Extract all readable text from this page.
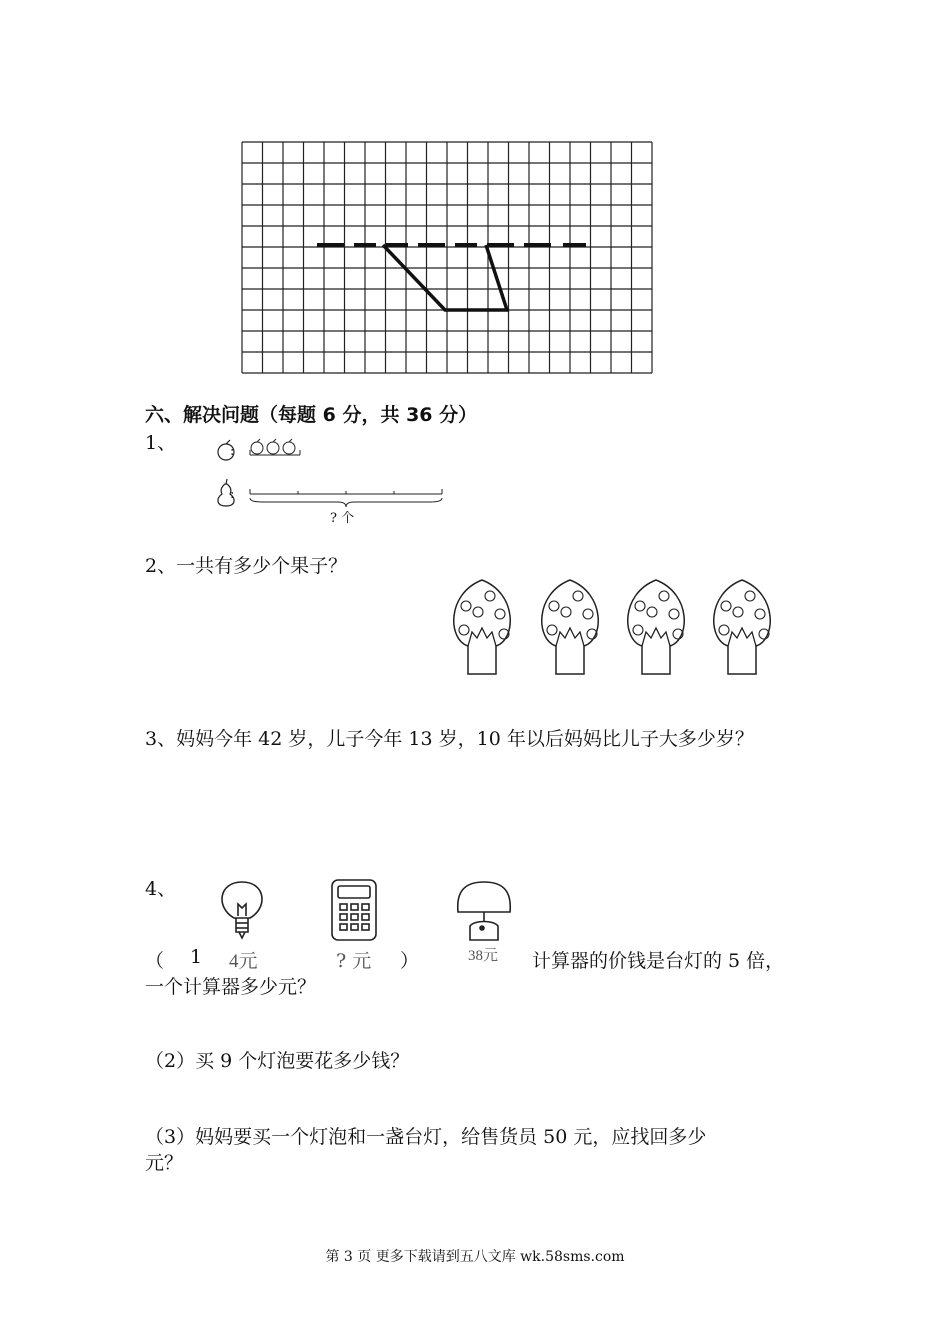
六、解决问题（每题 6 分，共 36 分）
1、	:
:
? 个
2、一共有多少个果子？
3、妈妈今年 42 岁，儿子今年 13 岁，10 年以后妈妈比儿子大多少岁？
4、
（ 1 4元	? 元 ）	38元 计算器的价钱是台灯的 5 倍，
一个计算器多少元？
（2）买 9 个灯泡要花多少钱？
（3）妈妈要买一个灯泡和一盏台灯，给售货员 50 元，应找回多少
元？
第 3 页 更多下载请到五八文库 wk.58sms.com
